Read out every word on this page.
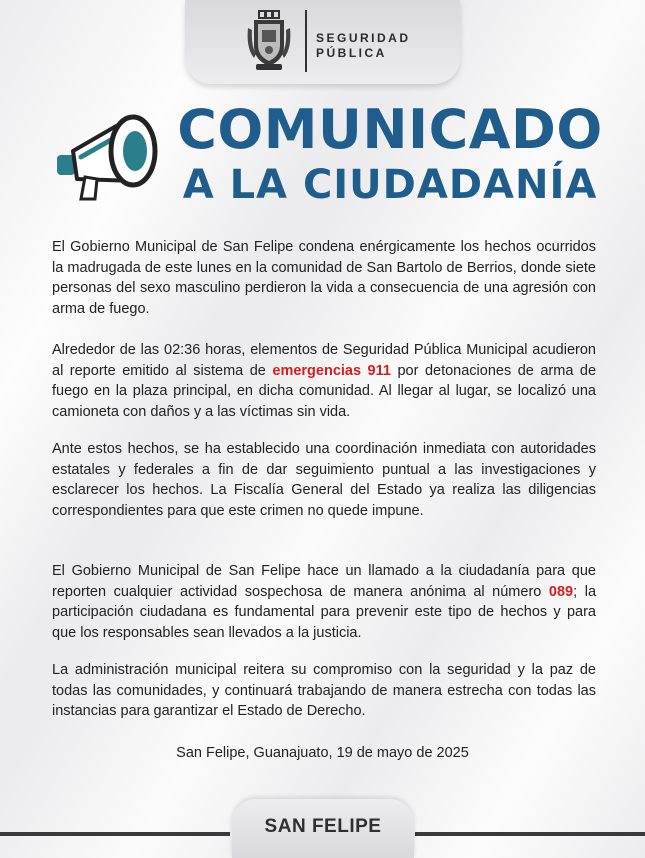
SEGURIDAD
PÚBLICA
COMUNICADO
A LA CIUDADANÍA
El Gobierno Municipal de San Felipe condena enérgicamente los hechos ocurridos la madrugada de este lunes en la comunidad de San Bartolo de Berrios, donde siete personas del sexo masculino perdieron la vida a consecuencia de una agresión con arma de fuego.
Alrededor de las 02:36 horas, elementos de Seguridad Pública Municipal acudieron al reporte emitido al sistema de emergencias 911 por detonaciones de arma de fuego en la plaza principal, en dicha comunidad. Al llegar al lugar, se localizó una camioneta con daños y a las víctimas sin vida.
Ante estos hechos, se ha establecido una coordinación inmediata con autoridades estatales y federales a fin de dar seguimiento puntual a las investigaciones y esclarecer los hechos. La Fiscalía General del Estado ya realiza las diligencias correspondientes para que este crimen no quede impune.
El Gobierno Municipal de San Felipe hace un llamado a la ciudadanía para que reporten cualquier actividad sospechosa de manera anónima al número 089; la participación ciudadana es fundamental para prevenir este tipo de hechos y para que los responsables sean llevados a la justicia.
La administración municipal reitera su compromiso con la seguridad y la paz de todas las comunidades, y continuará trabajando de manera estrecha con todas las instancias para garantizar el Estado de Derecho.
San Felipe, Guanajuato, 19 de mayo de 2025
SAN FELIPE
